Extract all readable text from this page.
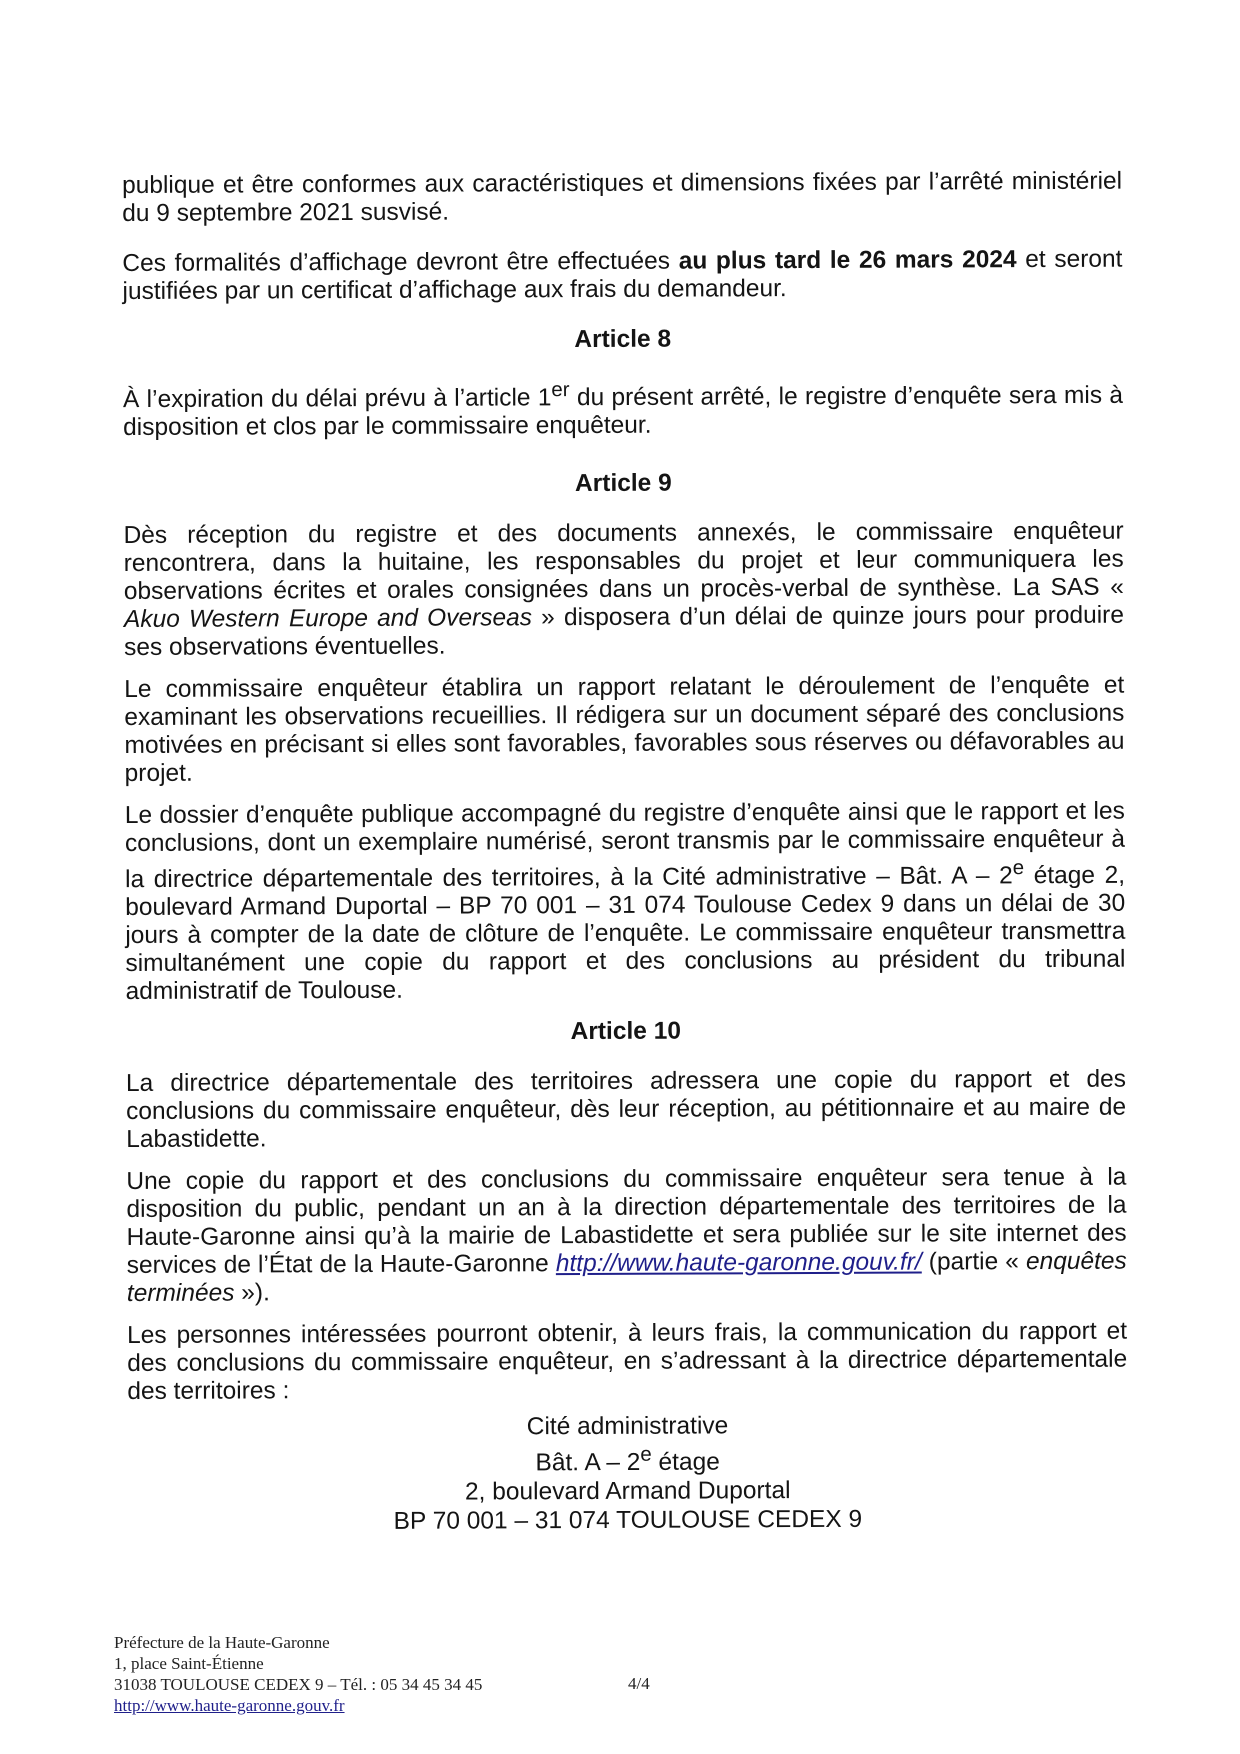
publique et être conformes aux caractéristiques et dimensions fixées par l’arrêté ministériel du 9 septembre 2021 susvisé.

Ces formalités d’affichage devront être effectuées au plus tard le 26 mars 2024 et seront justifiées par un certificat d’affichage aux frais du demandeur.

Article 8

À l’expiration du délai prévu à l’article 1er du présent arrêté, le registre d’enquête sera mis à disposition et clos par le commissaire enquêteur.

Article 9

Dès réception du registre et des documents annexés, le commissaire enquêteur rencontrera, dans la huitaine, les responsables du projet et leur communiquera les observations écrites et orales consignées dans un procès-verbal de synthèse. La SAS « Akuo Western Europe and Overseas » disposera d’un délai de quinze jours pour produire ses observations éventuelles.

Le commissaire enquêteur établira un rapport relatant le déroulement de l’enquête et examinant les observations recueillies. Il rédigera sur un document séparé des conclusions motivées en précisant si elles sont favorables, favorables sous réserves ou défavorables au projet.

Le dossier d’enquête publique accompagné du registre d’enquête ainsi que le rapport et les conclusions, dont un exemplaire numérisé, seront transmis par le commissaire enquêteur à la directrice départementale des territoires, à la Cité administrative – Bât. A – 2e étage 2, boulevard Armand Duportal – BP 70 001 – 31 074 Toulouse Cedex 9 dans un délai de 30 jours à compter de la date de clôture de l’enquête. Le commissaire enquêteur transmettra simultanément une copie du rapport et des conclusions au président du tribunal administratif de Toulouse.

Article 10

La directrice départementale des territoires adressera une copie du rapport et des conclusions du commissaire enquêteur, dès leur réception, au pétitionnaire et au maire de Labastidette.

Une copie du rapport et des conclusions du commissaire enquêteur sera tenue à la disposition du public, pendant un an à la direction départementale des territoires de la Haute-Garonne ainsi qu’à la mairie de Labastidette et sera publiée sur le site internet des services de l’État de la Haute-Garonne http://www.haute-garonne.gouv.fr/ (partie « enquêtes terminées »).

Les personnes intéressées pourront obtenir, à leurs frais, la communication du rapport et des conclusions du commissaire enquêteur, en s’adressant à la directrice départementale des territoires :

Cité administrative
Bât. A – 2e étage
2, boulevard Armand Duportal
BP 70 001 – 31 074 TOULOUSE CEDEX 9
Préfecture de la Haute-Garonne
1, place Saint-Étienne
31038 TOULOUSE CEDEX 9 – Tél. : 05 34 45 34 45
http://www.haute-garonne.gouv.fr
4/4
